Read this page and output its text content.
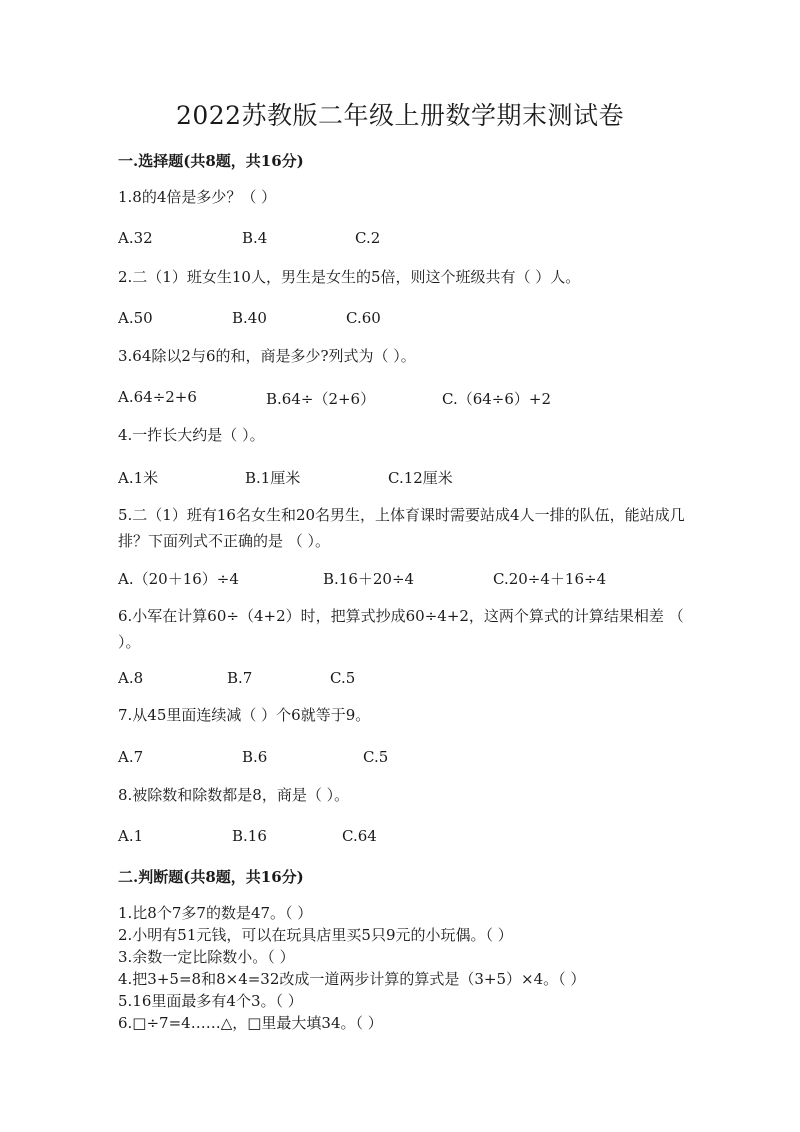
2022苏教版二年级上册数学期末测试卷
一.选择题(共8题，共16分)
1.8的4倍是多少？（ ）
A.32	B.4	C.2
2.二（1）班女生10人，男生是女生的5倍，则这个班级共有（ ）人。
A.50	B.40	C.60
3.64除以2与6的和，商是多少?列式为（ ）。
A.64÷2+6	B.64÷（2+6）	C.（64÷6）+2
4.一拃长大约是（ ）。
A.1米	B.1厘米	C.12厘米
5.二（1）班有16名女生和20名男生，上体育课时需要站成4人一排的队伍，能站成几排？下面列式不正确的是 （ ）。
A.（20＋16）÷4	B.16＋20÷4	C.20÷4＋16÷4
6.小军在计算60÷（4+2）时，把算式抄成60÷4+2，这两个算式的计算结果相差 （ ）。
A.8	B.7	C.5
7.从45里面连续减（ ）个6就等于9。
A.7	B.6	C.5
8.被除数和除数都是8，商是（ ）。
A.1	B.16	C.64
二.判断题(共8题，共16分)
1.比8个7多7的数是47。（ ）
2.小明有51元钱，可以在玩具店里买5只9元的小玩偶。（ ）
3.余数一定比除数小。（ ）
4.把3+5=8和8×4=32改成一道两步计算的算式是（3+5）×4。（ ）
5.16里面最多有4个3。（ ）
6.□÷7=4……△，□里最大填34。（ ）
